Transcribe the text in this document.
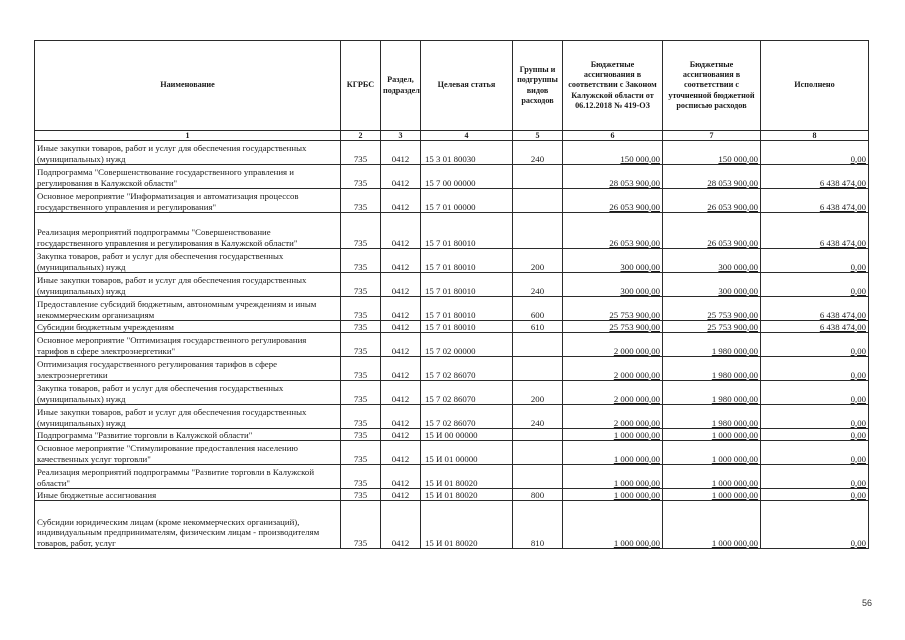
Наименование	КГРБС	Раздел, подраздел	Целевая статья	Группы и подгруппы видов расходов	Бюджетные ассигнования в соответствии с Законом Калужской области от 06.12.2018 № 419-ОЗ	Бюджетные ассигнования в соответствии с уточненной бюджетной росписью расходов	Исполнено
1	2	3	4	5	6	7	8
Иные закупки товаров, работ и услуг для обеспечения государственных (муниципальных) нужд	735	0412	15 3 01 80030	240	150 000,00	150 000,00	0,00
Подпрограмма "Совершенствование государственного управления и регулирования в Калужской области"	735	0412	15 7 00 00000		28 053 900,00	28 053 900,00	6 438 474,00
Основное мероприятие "Информатизация и автоматизация процессов государственного управления и регулирования"	735	0412	15 7 01 00000		26 053 900,00	26 053 900,00	6 438 474,00
Реализация мероприятий подпрограммы "Совершенствование государственного управления и регулирования в Калужской области"	735	0412	15 7 01 80010		26 053 900,00	26 053 900,00	6 438 474,00
Закупка товаров, работ и услуг для обеспечения государственных (муниципальных) нужд	735	0412	15 7 01 80010	200	300 000,00	300 000,00	0,00
Иные закупки товаров, работ и услуг для обеспечения государственных (муниципальных) нужд	735	0412	15 7 01 80010	240	300 000,00	300 000,00	0,00
Предоставление субсидий бюджетным, автономным учреждениям и иным некоммерческим организациям	735	0412	15 7 01 80010	600	25 753 900,00	25 753 900,00	6 438 474,00
Субсидии бюджетным учреждениям	735	0412	15 7 01 80010	610	25 753 900,00	25 753 900,00	6 438 474,00
Основное мероприятие "Оптимизация государственного регулирования тарифов в сфере электроэнергетики"	735	0412	15 7 02 00000		2 000 000,00	1 980 000,00	0,00
Оптимизация государственного регулирования тарифов в сфере электроэнергетики	735	0412	15 7 02 86070		2 000 000,00	1 980 000,00	0,00
Закупка товаров, работ и услуг для обеспечения государственных (муниципальных) нужд	735	0412	15 7 02 86070	200	2 000 000,00	1 980 000,00	0,00
Иные закупки товаров, работ и услуг для обеспечения государственных (муниципальных) нужд	735	0412	15 7 02 86070	240	2 000 000,00	1 980 000,00	0,00
Подпрограмма "Развитие торговли в Калужской области"	735	0412	15 И 00 00000		1 000 000,00	1 000 000,00	0,00
Основное мероприятие "Стимулирование предоставления населению качественных услуг торговли"	735	0412	15 И 01 00000		1 000 000,00	1 000 000,00	0,00
Реализация мероприятий подпрограммы "Развитие торговли в Калужской области"	735	0412	15 И 01 80020		1 000 000,00	1 000 000,00	0,00
Иные бюджетные ассигнования	735	0412	15 И 01 80020	800	1 000 000,00	1 000 000,00	0,00
Субсидии юридическим лицам (кроме некоммерческих организаций), индивидуальным предпринимателям, физическим лицам - производителям товаров, работ, услуг	735	0412	15 И 01 80020	810	1 000 000,00	1 000 000,00	0,00
56
